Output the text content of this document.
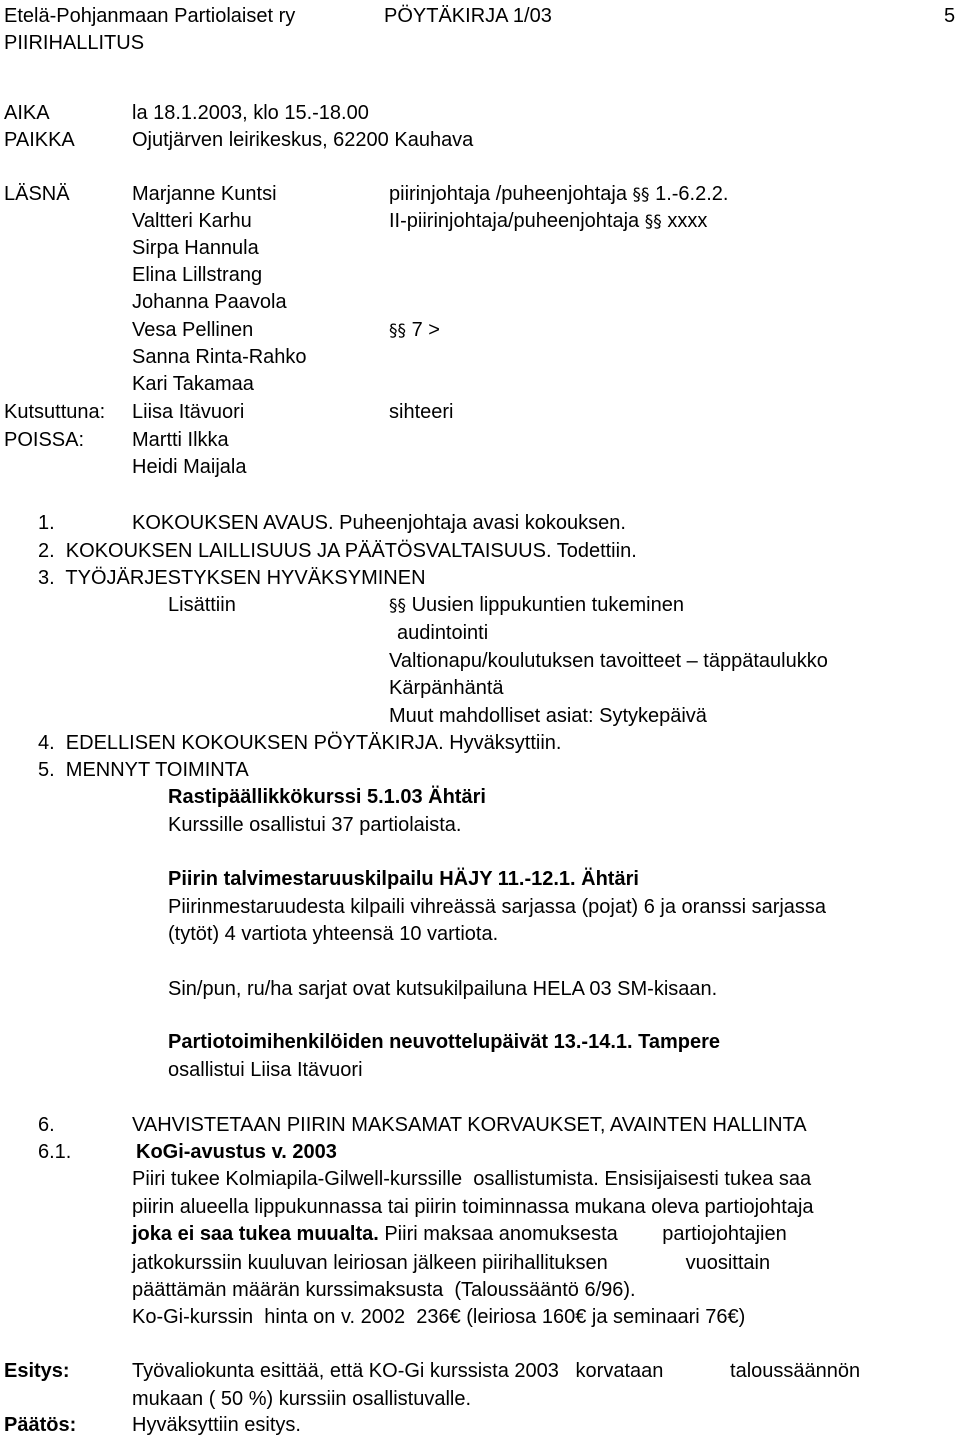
Etelä-Pohjanmaan Partiolaiset ry	PÖYTÄKIRJA 1/03	5
PIIRIHALLITUS
AIKA	la 18.1.2003, klo 15.-18.00
PAIKKA	Ojutjärven leirikeskus, 62200 Kauhava
LÄSNÄ	Marjanne Kuntsi	piirinjohtaja /puheenjohtaja §§ 1.-6.2.2.
Valtteri Karhu	II-piirinjohtaja/puheenjohtaja §§ xxxx
Sirpa Hannula
Elina Lillstrang
Johanna Paavola
Vesa Pellinen	§§ 7 >
Sanna Rinta-Rahko
Kari Takamaa
Kutsuttuna: Liisa Itävuori	sihteeri
POISSA: Martti Ilkka
Heidi Maijala
1.	KOKOUKSEN AVAUS. Puheenjohtaja avasi kokouksen.
2.  KOKOUKSEN LAILLISUUS JA PÄÄTÖSVALTAISUUS. Todettiin.
3.  TYÖJÄRJESTYKSEN HYVÄKSYMINEN
Lisättiin	§§ Uusien lippukuntien tukeminen
audintointi
Valtionapu/koulutuksen tavoitteet – täppätaulukko
Kärpänhäntä
Muut mahdolliset asiat: Sytykepäivä
4.  EDELLISEN KOKOUKSEN PÖYTÄKIRJA. Hyväksyttiin.
5.  MENNYT TOIMINTA
Rastipäällikkökurssi 5.1.03 Ähtäri
Kurssille osallistui 37 partiolaista.
Piirin talvimestaruuskilpailu HÄJY 11.-12.1. Ähtäri
Piirinmestaruudesta kilpaili vihreässä sarjassa (pojat) 6 ja oranssi sarjassa
(tytöt) 4 vartiota yhteensä 10 vartiota.
Sin/pun, ru/ha sarjat ovat kutsukilpailuna HELA 03 SM-kisaan.
Partiotoimihenkilöiden neuvottelupäivät 13.-14.1. Tampere
osallistui Liisa Itävuori
6.	VAHVISTETAAN PIIRIN MAKSAMAT KORVAUKSET, AVAINTEN HALLINTA
6.1.	KoGi-avustus v. 2003
Piiri tukee Kolmiapila-Gilwell-kurssille  osallistumista. Ensisijaisesti tukea saa
piirin alueella lippukunnassa tai piirin toiminnassa mukana oleva partiojohtaja
joka ei saa tukea muualta. Piiri maksaa anomuksesta        partiojohtajien
jatkokurssiin kuuluvan leiriosan jälkeen piirihallituksen              vuosittain
päättämän määrän kurssimaksusta  (Taloussääntö 6/96).
Ko-Gi-kurssin  hinta on v. 2002  236€ (leiriosa 160€ ja seminaari 76€)
Esitys:	Työvaliokunta esittää, että KO-Gi kurssista 2003   korvataan            taloussäännön
mukaan ( 50 %) kurssiin osallistuvalle.
Päätös:	Hyväksyttiin esitys.
